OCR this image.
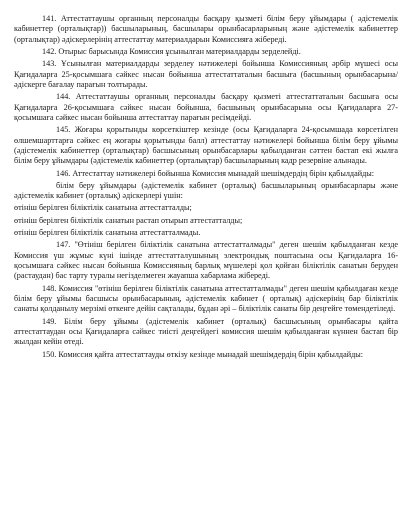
141. Аттестаттаушы органның персоналды басқару қызметі білім беру ұйымдары ( әдістемелік кабинеттер (орталықтар)) басшыларының, басшылары орынбасарларының және әдістемелік кабинеттер (орталықтар) әдіскерлерінің аттестаттау материалдарын Комиссияға жібереді.

142. Отырыс барысында Комиссия ұсынылған материалдарды зерделейді.

143. Ұсынылған материалдарды зерделеу нәтижелері бойынша Комиссияның әрбір мүшесі осы Қағидаларға 25-қосымшаға сәйкес нысан бойынша аттестаттаталын басшыға (басшының орынбасарына/әдіскерге бағалау парағын толтырады.

144. Аттестаттаушы органның персоналды басқару қызметі аттестаттаталын басшыға осы Қағидаларға 26-қосымшаға сәйкес нысан бойынша, басшының орынбасарына осы Қағидаларға 27-қосымшаға сәйкес нысан бойынша аттестаттау парағын ресімдейді.

145. Жоғары қорытынды көрсеткіштер кезінде (осы Қағидаларға 24-қосымшада көрсетілген өлшемшарттарға сәйкес ең жоғары қорытынды балл) аттестаттау нәтижелері бойынша білім беру ұйымы (әдістемелік кабинеттер (орталықтар) басшысының орынбасарлары қабылданған сәттен бастап екі жылға білім беру ұйымдары (әдістемелік кабинеттер (орталықтар) басшыларының кадр резервіне алынады.

146. Аттестаттау нәтижелері бойынша Комиссия мынадай шешімдердің бірін қабылдайды:

білім беру ұйымдары (әдістемелік кабинет (орталық) басшыларының орынбасарлары және әдістемелік кабинет (орталық) әдіскерлері үшін:

өтініш берілген біліктілік санатына аттестатталды;

өтініш берілген біліктілік санатын растап отырып аттестатталды;

өтініш берілген біліктілік санатына аттестатталмады.

147. "Өтініш берілген біліктілік санатына аттестатталмады" деген шешім қабылданған кезде Комиссия үш жұмыс күні ішінде аттестатталушының электрондық поштасына осы Қағидаларға 16-қосымшаға сәйкес нысан бойынша Комиссияның барлық мүшелері қол қойған біліктілік санатын беруден (растаудан) бас тарту туралы негізделмеген жауапша хабарлама жібереді.

148. Комиссия "өтініш берілген біліктілік санатына аттестатталмады" деген шешім қабылдаған кезде білім беру ұйымы басшысы орынбасарының, әдістемелік кабинет ( орталық) әдіскерінің бар біліктілік санаты қолданылу мерзімі өткенге дейін сақталады, бұдан әрі – біліктілік санаты бір деңгейге төмендетіледі.

149. Білім беру ұйымы (әдістемелік кабинет (орталық) басшысының орынбасары қайта аттестаттаудан осы Қағидаларға сәйкес тиісті деңгейдегі комиссия шешім қабылданған күннен бастап бір жылдан кейін өтеді.

150. Комиссия қайта аттестаттауды өткізу кезінде мынадай шешімдердің бірін қабылдайды:
